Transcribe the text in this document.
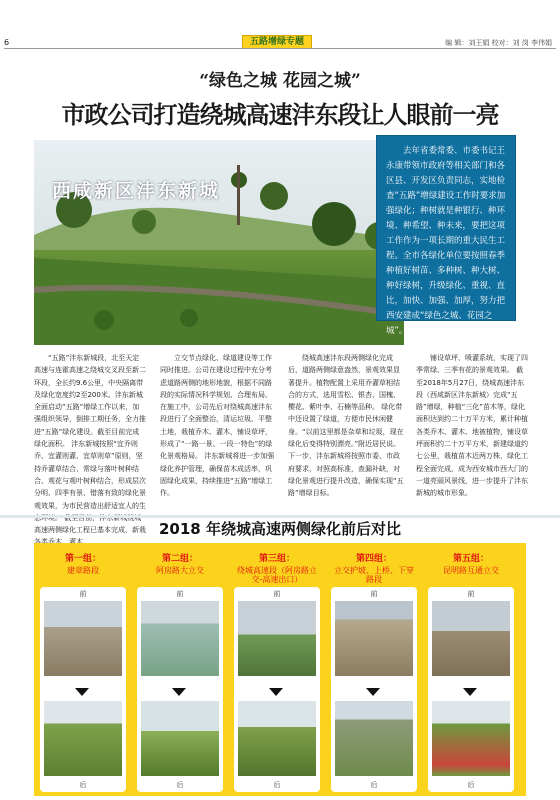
6	五路增绿专题	编 辑：刘王娟 校对：刘 岗 李伟娟
“绿色之城 花园之城”
市政公司打造绕城高速沣东段让人眼前一亮
西咸新区沣东新城

去年省委常委、市委书记王永康带领市政府等相关部门和各区县、开发区负责同志，实地检查“五路”增绿建设工作时要求加强绿化；种树就是种银行、种环境、种希望、种未来，要把这项工作作为一项长期的重大民生工程。全市各绿化单位要按照春季种植好树苗、多种树、种大树、种好绿树，升级绿化、重视、直比，加快、加强、加厚，努力把西安建成“绿色之城、花园之城”。

“五路”沣东新城段，北至天定高速与连霍高速之绕城交叉段至新二环段，全长约9.6公里，中央隔离带及绿化宽度约2至200米。沣东新城全面启动“五路”增绿工作以来，加强组织领导，倒排工期任务，全力推进“五路”绿化建设。截至目前完成绿化面积。 沣东新城按照“宜乔则乔、宜灌则灌、宜草则草”原则，坚持乔灌草结合、常绿与落叶树种结合、观花与观叶树种结合，形成层次分明、四季有景、错落有致的绿化景观效果，为市民营造出舒适宜人的生 高速两侧绿化工程已基本完成，新栽

立交节点绿化、绿道建设等工作同时推进。公司在建设过程中充分考虑道路两侧的地形地貌，根据不同路段的实际情况科学规划、合理布局。 在施工中，公司先后对绕城高速沣东段进行了全面整治，清运垃圾、平整土地，栽植乔木、灌木，铺设草坪，形成了“一路一景、一段一特色”的绿化景观格局。 沣东新城将进一步加强绿化养护管理，确保苗木成活率，巩固绿化成果，持续推进“五路”增绿工作。

绕城高速沣东段两侧绿化完成后，道路两侧绿意盎然，景观效果显著提升。植物配置上采用乔灌草相结合的方式，选用雪松、银杏、国槐、樱花、紫叶李、石楠等品种。 绿化带中还设置了绿道，方便市民休闲健身。“以前这里都是杂草和垃圾，现在绿化后变得特别漂亮。”附近居民说。 下一步，沣东新城将按照市委、市政府要求，对照高标准，查漏补缺，对绿化景观进行提升改造，确保实现“五路”增绿目标。

铺设草坪、喷灌系统，实现了四季常绿、三季有花的景观效果。 截至2018年5月27日，绕城高速沣东段（西咸新区沣东新城）完成“五路”增绿，种植“三化”苗木等，绿化面积达到约二十万平方米，累计种植各类乔木、灌木、地被植物，铺设草坪面积约二十万平方米，新建绿道约七公里，栽植苗木近两万株，绿化工程全面完成，成为西安城市西大门的一道亮丽风景线，进一步提升了沣东新城的城市形象。

2018 年绕城高速两侧绿化前后对比
第一组：
建章路段
第二组：
阿房路大立交
第三组：
绕城高速段（阿房路立交-高速出口）
第四组：
立交护坡、上桥、下穿路段
第五组：
昆明路互通立交
前
后
前
后
前
后
前
后
前
后
